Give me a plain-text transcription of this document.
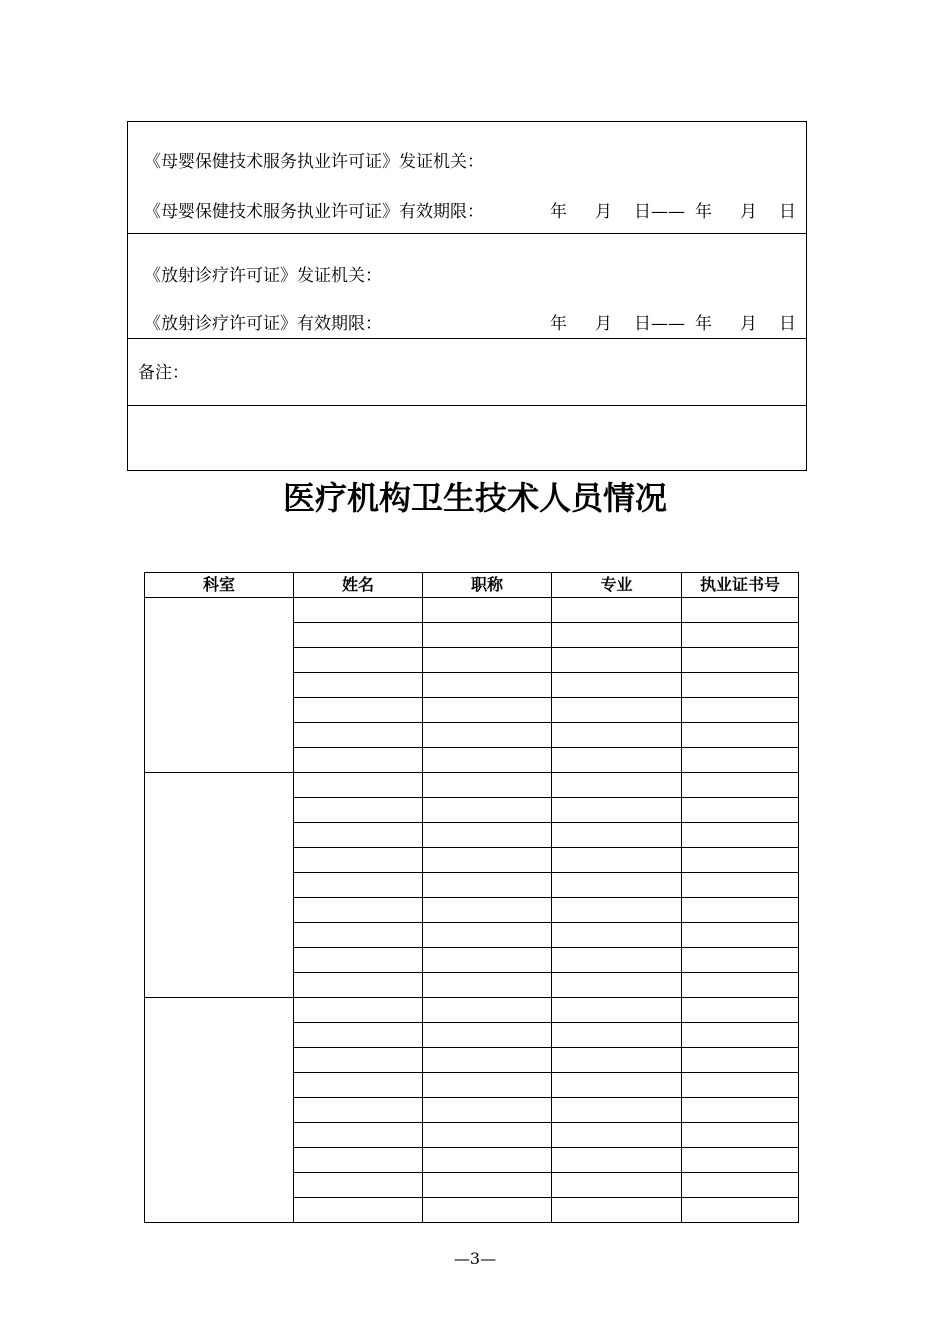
《母婴保健技术服务执业许可证》发证机关：
《母婴保健技术服务执业许可证》有效期限：	年 月 日—— 年 月 日
《放射诊疗许可证》发证机关：
《放射诊疗许可证》有效期限：	年 月 日—— 年 月 日
备注：
医疗机构卫生技术人员情况
科室	姓名	职称	专业	执业证书号

—3—
